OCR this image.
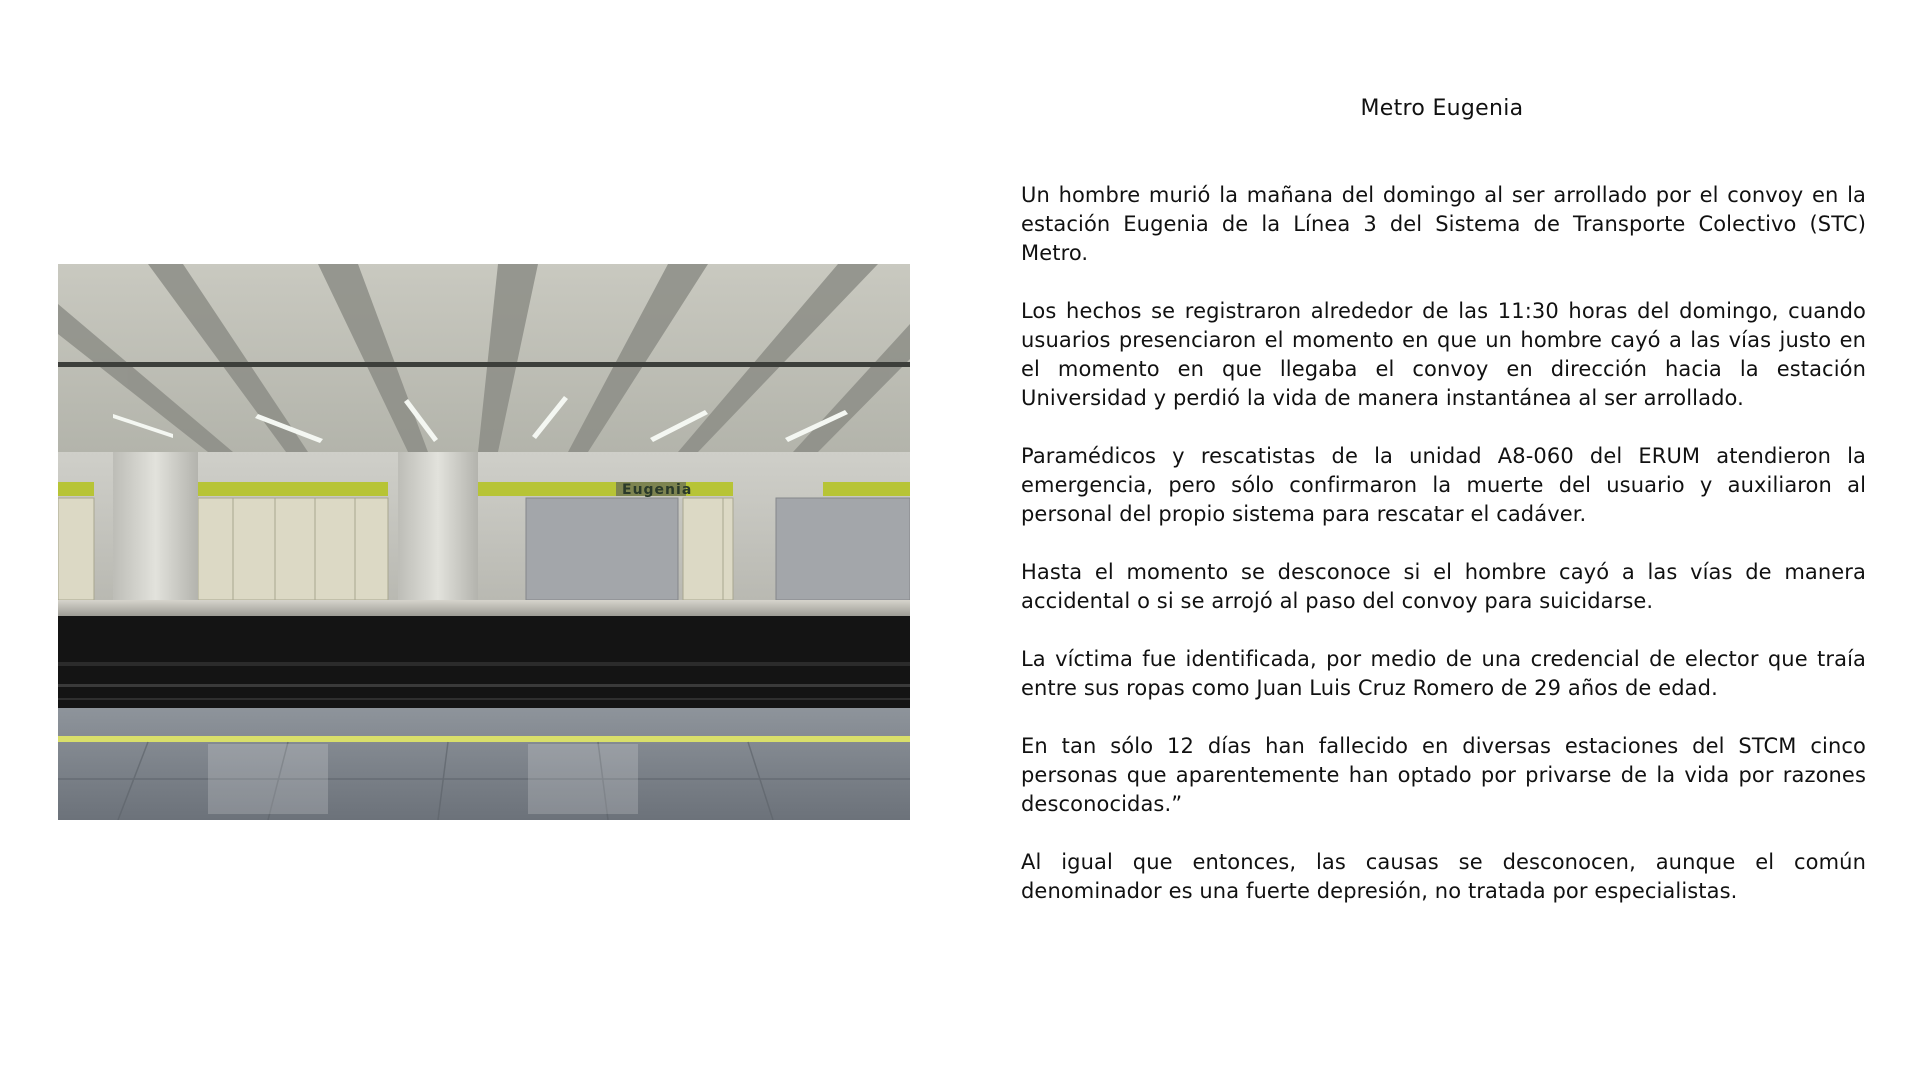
Eugenia
Metro Eugenia

Un hombre murió la mañana del domingo al ser arrollado por el convoy en la estación Eugenia de la Línea 3 del Sistema de Transporte Colectivo (STC) Metro.

Los hechos se registraron alrededor de las 11:30 horas del domingo, cuando usuarios presenciaron el momento en que un hombre cayó a las vías justo en el momento en que llegaba el convoy en dirección hacia la estación Universidad y perdió la vida de manera instantánea al ser arrollado.

Paramédicos y rescatistas de la unidad A8-060 del ERUM atendieron la emergencia, pero sólo confirmaron la muerte del usuario y auxiliaron al personal del propio sistema para rescatar el cadáver.

Hasta el momento se desconoce si el hombre cayó a las vías de manera accidental o si se arrojó al paso del convoy para suicidarse.

La víctima fue identificada, por medio de una credencial de elector que traía entre sus ropas como Juan Luis Cruz Romero de 29 años de edad.

En tan sólo 12 días han fallecido en diversas estaciones del STCM cinco personas que aparentemente han optado por privarse de la vida por razones desconocidas.”

Al igual que entonces, las causas se desconocen, aunque el común denominador es una fuerte depresión, no tratada por especialistas.
